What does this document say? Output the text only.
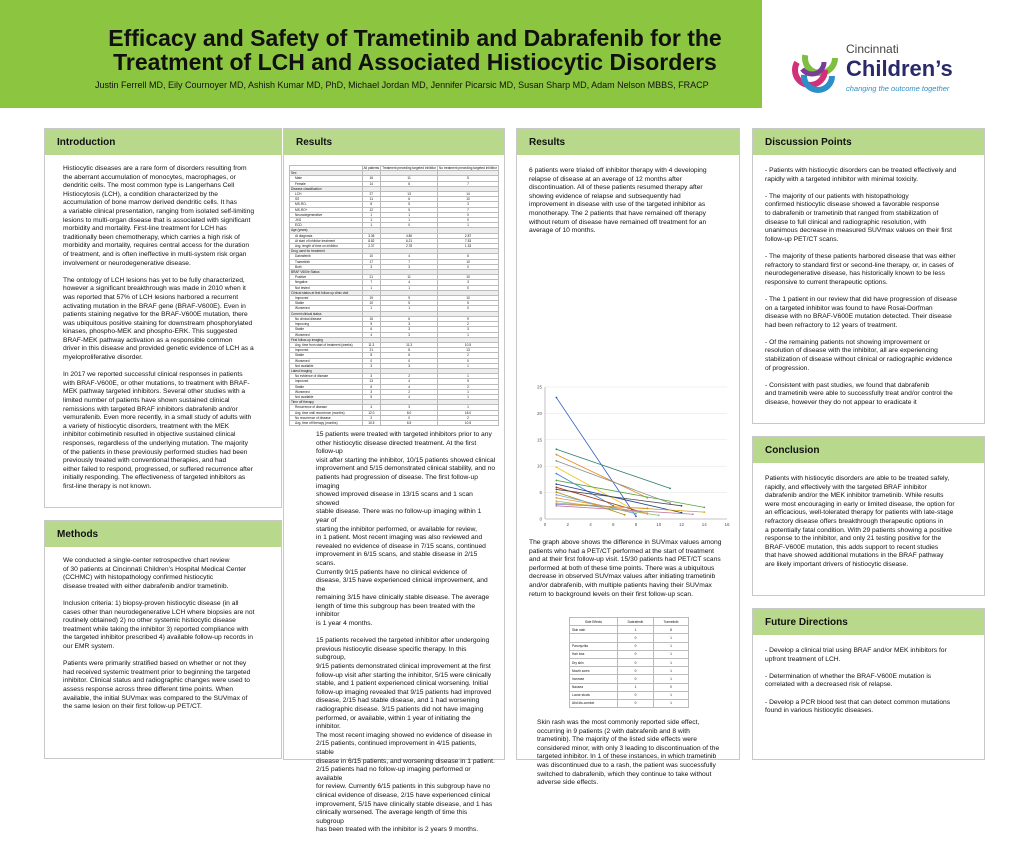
Efficacy and Safety of Trametinib and Dabrafenib for the Treatment of LCH and Associated Histiocytic Disorders
Justin Ferrell MD, Eily Cournoyer MD, Ashish Kumar MD, PhD, Michael Jordan MD, Jennifer Picarsic MD, Susan Sharp MD, Adam Nelson MBBS, FRACP
Cincinnati
Children’s
changing the outcome together
Introduction

Histiocytic diseases are a rare form of disorders resulting from
the aberrant accumulation of monocytes, macrophages, or
dendritic cells. The most common type is Langerhans Cell
Histiocytosis (LCH), a condition characterized by the
accumulation of bone marrow derived dendritic cells. It has
a variable clinical presentation, ranging from isolated self-limiting
lesions to multi-organ disease that is associated with significant
morbidity and mortality. First-line treatment for LCH has
traditionally been chemotherapy, which carries a high risk of
morbidity and mortality, requires central access for the duration
of treatment, and is often ineffective in multi-system risk organ
involvement or neurodegenerative disease.

The ontology of LCH lesions has yet to be fully characterized,
however a significant breakthrough was made in 2010 when it
was reported that 57% of LCH lesions harbored a recurrent
activating mutation in the BRAF gene (BRAF-V600E). Even in
patients staining negative for the BRAF-V600E mutation, there
was ubiquitous positive staining for downstream phosphorylated
kinases, phospho-MEK and phospho-ERK. This suggested
BRAF-MEK pathway activation as a responsible common
driver in this disease and provided genetic evidence of LCH as a
myeloproliferative disorder.

In 2017 we reported successful clinical responses in patients
with BRAF-V600E, or other mutations, to treatment with BRAF-
MEK pathway targeted inhibitors. Several other studies with a
limited number of patients have shown sustained clinical
remissions with targeted BRAF inhibitors dabrafenib and/or
vemurafenib. Even more recently, in a small study of adults with
a variety of histiocytic disorders, treatment with the MEK
inhibitor cobimetinib resulted in objective sustained clinical
responses, regardless of the underlying mutation. The majority
of the patients in these previously performed studies had been
previously treated with conventional therapies, and had
either failed to respond, progressed, or suffered recurrence after
initially responding. The effectiveness of targeted inhibitors as
first-line therapy is not known.

Methods

We conducted a single-center retrospective chart review
of 30 patients at Cincinnati Children’s Hospital Medical Center
(CCHMC) with histopathology confirmed histiocytic
disease treated with either dabrafenib and/or trametinib.

Inclusion criteria: 1) biopsy-proven histiocytic disease (in all
cases other than neurodegenerative LCH where biopsies are not
routinely obtained) 2) no other systemic histiocytic disease
treatment while taking the inhibitor 3) reported compliance with
the targeted inhibitor prescribed 4) available follow-up records in
our EMR system.

Patients were primarily stratified based on whether or not they
had received systemic treatment prior to beginning the targeted
inhibitor. Clinical status and radiographic changes were used to
assess response across three different time points. When
available, the initial SUVmax was compared to the SUVmax of
the same lesion on their first follow-up PET/CT.

Results
	All patients	Treatment preceding targeted inhibitor	No treatment preceding targeted inhibitor
Sex			
Male	16	11	5
Female	14	6	7
Disease classification			
LCH	27	13	14
SS	11	6	10
MS-RO-	8	5	3
MS-RO+	12	5	7
Neurodegenerative	1	1	0
JXG	1	1	0
ECD	1	0	1
Age (years)			
At diagnosis	3.36	4.80	2.87
At start of inhibitor treatment	8.82	6.21	7.53
Avg. length of time on inhibitor	2.37	2.78	1.33
Drug used for treatment			
Dabrafenib	10	4	6
Trametinib	17	7	10
Both	3	3	0
BRAF V600e Status			
Positive	21	11	10
Negative	7	4	3
Not tested	1	1	0
Clinical status at first follow-up clinic visit			
Improved	19	9	10
Stable	10	5	5
Worsened	1	1	0
Current clinical status			
No clinical disease	15	6	9
Improving	5	3	2
Stable	6	3	3
Worsened	4	3	1
First follow-up imaging			
Avg. time from start of treatment (weeks)	11.3	11.3	10.5
Improved	21	8	13
Stable	8	6	2
Worsened	0	0	0
Not available	3	3	1
Latest imaging			
No evidence of disease	3	2	1
Improved	13	4	9
Stable	6	4	2
Worsened	3	2	1
Not available	5	4	1
Time off therapy			
Recurrence of disease	4	3	1
Avg. time until recurrence (months)	12.0	8.0	18.0
No recurrence of disease	2	0	2
Avg. time off therapy (months)	10.5	6.5	10.5

15 patients were treated with targeted inhibitors prior to any
other histiocytic disease directed treatment. At the first follow-up
visit after starting the inhibitor, 10/15 patients showed clinical
improvement and 5/15 demonstrated clinical stability, and no
patients had progression of disease. The first follow-up imaging
showed improved disease in 13/15 scans and 1 scan showed
stable disease. There was no follow-up imaging within 1 year of
starting the inhibitor performed, or available for review,
in 1 patient. Most recent imaging was also reviewed and
revealed no evidence of disease in 7/15 scans, continued
improvement in 6/15 scans, and stable disease in 2/15 scans.
Currently 9/15 patients have no clinical evidence of
disease, 3/15 have experienced clinical improvement, and the
remaining 3/15 have clinically stable disease. The average
length of time this subgroup has been treated with the inhibitor
is 1 year 4 months.

15 patients received the targeted inhibitor after undergoing
previous histiocytic disease specific therapy. In this subgroup,
9/15 patients demonstrated clinical improvement at the first
follow-up visit after starting the inhibitor, 5/15 were clinically
stable, and 1 patient experienced clinical worsening. Initial
follow-up imaging revealed that 9/15 patients had improved
disease, 2/15 had stable disease, and 1 had worsening
radiographic disease. 3/15 patients did not have imaging
performed, or available, within 1 year of initiating the inhibitor.
The most recent imaging showed no evidence of disease in
2/15 patients, continued improvement in 4/15 patients, stable
disease in 6/15 patients, and worsening disease in 1 patient.
2/15 patients had no follow-up imaging performed or available
for review. Currently 6/15 patients in this subgroup have no
clinical evidence of disease, 2/15 have experienced clinical
improvement, 5/15 have clinically stable disease, and 1 has
clinically worsened. The average length of time this subgroup
has been treated with the inhibitor is 2 years 9 months.

Results
6 patients were trialed off inhibitor therapy with 4 developing
relapse of disease at an average of 12 months after
discontinuation. All of these patients resumed therapy after
showing evidence of relapse and subsequently had
improvement in disease with use of the targeted inhibitor as
monotherapy. The 2 patients that have remained off therapy
without return of disease have remained off treatment for an
average of 10 months.
0
5
10
15
20
25
0	2	4	6	8	10	12	14	16
The graph above shows the difference in SUVmax values among
patients who had a PET/CT performed at the start of treatment
and at their first follow-up visit. 15/30 patients had PET/CT scans
performed at both of these time points. There was a ubiquitous
decrease in observed SUVmax values after initiating trametinib
and/or dabrafenib, with multiple patients having their SUVmax
return to background levels on their first follow-up scan.
Side Effects	Dabrafenib	Trametinib
Skin rash	1	8
	0	1
Paronychia	0	1
Hair loss	0	1
Dry skin	0	1
Mouth sores	0	1
Increase	0	1
Nausea	1	0
Loose stools	0	1
Abd dis-comfort	0	1
Skin rash was the most commonly reported side effect,
occurring in 9 patients (2 with dabrafenib and 8 with
trametinib). The majority of the listed side effects were
considered minor, with only 3 leading to discontinuation of the
targeted inhibitor. In 1 of these instances, in which trametinib
was discontinued due to a rash, the patient was successfully
switched to dabrafenib, which they continue to take without
adverse side effects.
Discussion Points

- Patients with histiocytic disorders can be treated effectively and
rapidly with a targeted inhibitor with minimal toxicity.

- The majority of our patients with histopathology
confirmed histiocytic disease showed a favorable response
to dabrafenib or trametinib that ranged from stabilization of
disease to full clinical and radiographic resolution, with
unanimous decrease in measured SUVmax values on their first
follow-up PET/CT scans.

- The majority of these patients harbored disease that was either
refractory to standard first or second-line therapy, or, in cases of
neurodegenerative disease, has historically known to be less
responsive to current therapeutic options.

- The 1 patient in our review that did have progression of disease
on a targeted inhibitor was found to have Rosai-Dorfman
disease with no BRAF-V600E mutation detected. Their disease
had been refractory to 12 years of treatment.

- Of the remaining patients not showing improvement or
resolution of disease with the inhibitor, all are experiencing
stabilization of disease without clinical or radiographic evidence
of progression.

- Consistent with past studies, we found that dabrafenib
and trametinib were able to successfully treat and/or control the
disease, however they do not appear to eradicate it

Conclusion

Patients with histiocytic disorders are able to be treated safely,
rapidly, and effectively with the targeted BRAF inhibitor
dabrafenib and/or the MEK inhibitor trametinib. While results
were most encouraging in early or limited disease, the option for
an efficacious, well-tolerated therapy for patients with late-stage
refractory disease offers breakthrough therapeutic options in
a potentially fatal condition. With 29 patients showing a positive
response to the inhibitor, and only 21 testing positive for the
BRAF-V600E mutation, this adds support to recent studies
that have showed additional mutations in the BRAF pathway
are likely important drivers of histiocytic disease.

Future Directions

- Develop a clinical trial using BRAF and/or MEK inhibitors for
upfront treatment of LCH.

- Determination of whether the BRAF-V600E mutation is
correlated with a decreased risk of relapse.

- Develop a PCR blood test that can detect common mutations
found in various histiocytic diseases.
